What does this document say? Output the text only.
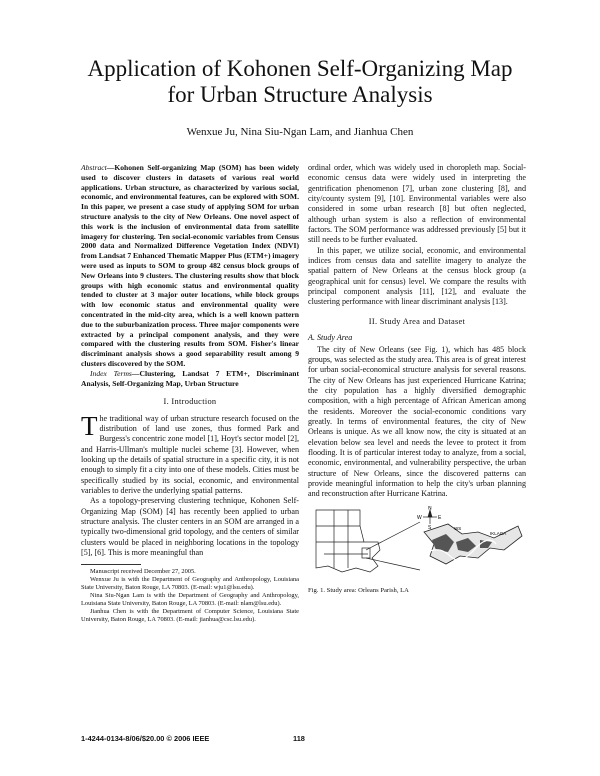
Application of Kohonen Self-Organizing Map
for Urban Structure Analysis
Wenxue Ju, Nina Siu-Ngan Lam, and Jianhua Chen

Abstract—Kohonen Self-organizing Map (SOM) has been widely used to discover clusters in datasets of various real world applications. Urban structure, as characterized by various social, economic, and environmental features, can be explored with SOM. In this paper, we present a case study of applying SOM for urban structure analysis to the city of New Orleans. One novel aspect of this work is the inclusion of environmental data from satellite imagery for clustering. Ten social-economic variables from Census 2000 data and Normalized Difference Vegetation Index (NDVI) from Landsat 7 Enhanced Thematic Mapper Plus (ETM+) imagery were used as inputs to SOM to group 482 census block groups of New Orleans into 9 clusters. The clustering results show that block groups with high economic status and environmental quality tended to cluster at 3 major outer locations, while block groups with low economic status and environmental quality were concentrated in the mid-city area, which is a well known pattern due to the suburbanization process. Three major components were extracted by a principal component analysis, and they were compared with the clustering results from SOM. Fisher's linear discriminant analysis shows a good separability result among 9 clusters discovered by the SOM.

Index Terms—Clustering, Landsat 7 ETM+, Discriminant Analysis, Self-Organizing Map, Urban Structure

I. Introduction

The traditional way of urban structure research focused on the distribution of land use zones, thus formed Park and Burgess's concentric zone model [1], Hoyt's sector model [2], and Harris-Ullman's multiple nuclei scheme [3]. However, when looking up the details of spatial structure in a specific city, it is not enough to simply fit a city into one of these models. Cities must be specifically studied by its social, economic, and environmental variables to derive the underlying spatial patterns.

As a topology-preserving clustering technique, Kohonen Self-Organizing Map (SOM) [4] has recently been applied to urban structure analysis. The cluster centers in an SOM are arranged in a typically two-dimensional grid topology, and the centers of similar clusters would be placed in neighboring locations in the topology [5], [6]. This is more meaningful than

Manuscript received December 27, 2005.

Wenxue Ju is with the Department of Geography and Anthropology, Louisiana State University, Baton Rouge, LA 70803. (E-mail: wju1@lsu.edu).

Nina Siu-Ngan Lam is with the Department of Geography and Anthropology, Louisiana State University, Baton Rouge, LA 70803. (E-mail: nlam@lsu.edu).

Jianhua Chen is with the Department of Computer Science, Louisiana State University, Baton Rouge, LA 70803. (E-mail: jianhua@csc.lsu.edu).

ordinal order, which was widely used in choropleth map. Social-economic census data were widely used in interpreting the gentrification phenomenon [7], urban zone clustering [8], and city/county system [9], [10]. Environmental variables were also considered in some urban research [8] but often neglected, although urban system is also a reflection of environmental factors. The SOM performance was addressed previously [5] but it still needs to be further evaluated.

In this paper, we utilize social, economic, and environmental indices from census data and satellite imagery to analyze the spatial pattern of New Orleans at the census block group (a geographical unit for census) level. We compare the results with principal component analysis [11], [12], and evaluate the clustering performance with linear discriminant analysis [13].

II. Study Area and Dataset
A. Study Area

The city of New Orleans (see Fig. 1), which has 485 block groups, was selected as the study area. This area is of great interest for urban social-economical structure analysis for several reasons. The city of New Orleans has just experienced Hurricane Katrina; the city population has a highly diversified demographic composition, with a high percentage of African American among the residents. Moreover the social-economic conditions vary greatly. In terms of environmental features, the city of New Orleans is unique. As we all know now, the city is situated at an elevation below sea level and needs the levee to protect it from flooding. It is of particular interest today to analyze, from a social, economic, environmental, and vulnerability perspective, the urban structure of New Orleans, since the discovered patterns can provide meaningful information to help the city's urban planning and reconstruction after Hurricane Katrina.

N
E
W
S	WS
IKLAGA
Fig. 1. Study area: Orleans Parish, LA
1-4244-0134-8/06/$20.00 © 2006 IEEE	118
